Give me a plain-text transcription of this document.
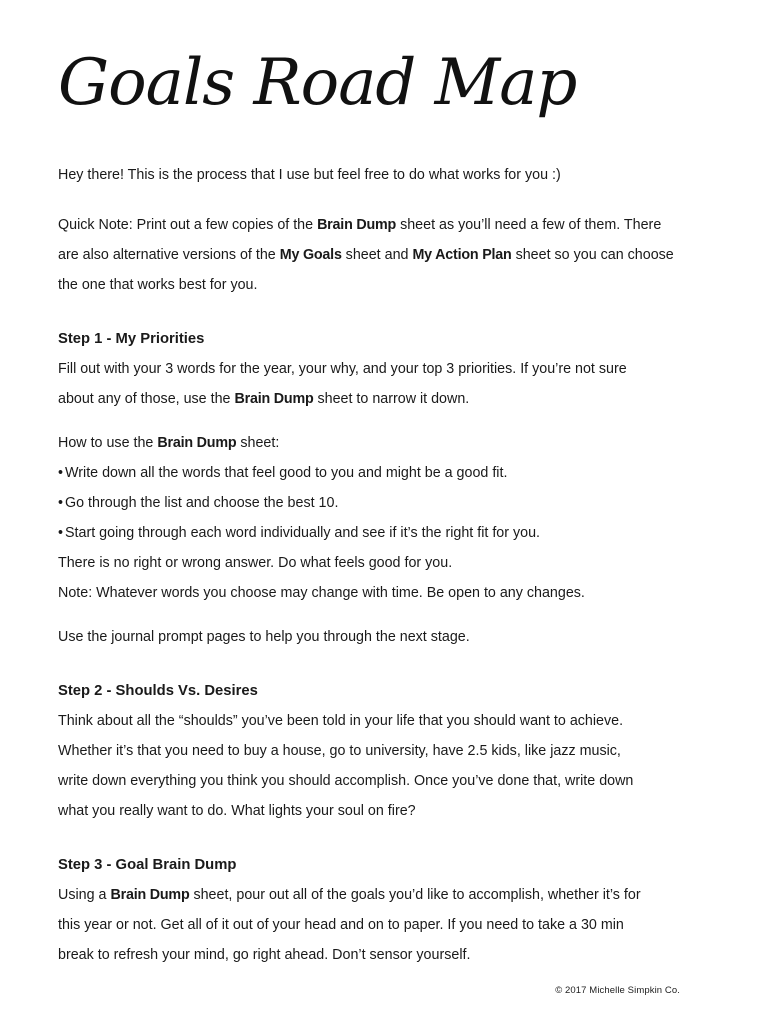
Goals Road Map

Hey there! This is the process that I use but feel free to do what works for you :)

Quick Note: Print out a few copies of the Brain Dump sheet as you’ll need a few of them. There

are also alternative versions of the My Goals sheet and My Action Plan sheet so you can choose

the one that works best for you.

Step 1 - My Priorities

Fill out with your 3 words for the year, your why, and your top 3 priorities. If you’re not sure

about any of those, use the Brain Dump sheet to narrow it down.

How to use the Brain Dump sheet:

• Write down all the words that feel good to you and might be a good fit.

• Go through the list and choose the best 10.

• Start going through each word individually and see if it’s the right fit for you.

There is no right or wrong answer. Do what feels good for you.

Note: Whatever words you choose may change with time. Be open to any changes.

Use the journal prompt pages to help you through the next stage.

Step 2 - Shoulds Vs. Desires

Think about all the “shoulds” you’ve been told in your life that you should want to achieve.

Whether it’s that you need to buy a house, go to university, have 2.5 kids, like jazz music,

write down everything you think you should accomplish. Once you’ve done that, write down

what you really want to do. What lights your soul on fire?

Step 3 - Goal Brain Dump

Using a Brain Dump sheet, pour out all of the goals you’d like to accomplish, whether it’s for

this year or not. Get all of it out of your head and on to paper. If you need to take a 30 min

break to refresh your mind, go right ahead. Don’t sensor yourself.

© 2017 Michelle Simpkin Co.
